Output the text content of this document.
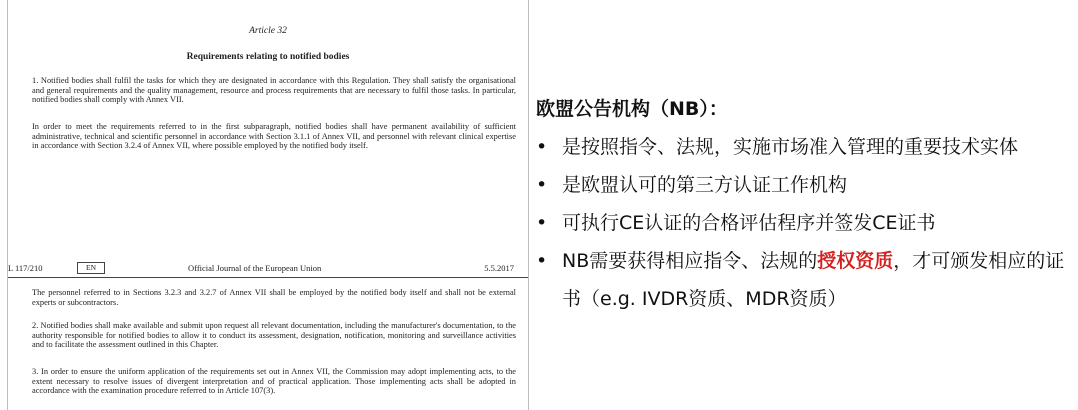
Article 32
Requirements relating to notified bodies

1. Notified bodies shall fulfil the tasks for which they are designated in accordance with this Regulation. They shall satisfy the organisational and general requirements and the quality management, resource and process requirements that are necessary to fulfil those tasks. In particular, notified bodies shall comply with Annex VII.

In order to meet the requirements referred to in the first subparagraph, notified bodies shall have permanent availability of sufficient administrative, technical and scientific personnel in accordance with Section 3.1.1 of Annex VII, and personnel with relevant clinical expertise in accordance with Section 3.2.4 of Annex VII, where possible employed by the notified body itself.

L 117/210	EN	Official Journal of the European Union	5.5.2017

The personnel referred to in Sections 3.2.3 and 3.2.7 of Annex VII shall be employed by the notified body itself and shall not be external experts or subcontractors.

2. Notified bodies shall make available and submit upon request all relevant documentation, including the manufacturer's documentation, to the authority responsible for notified bodies to allow it to conduct its assessment, designation, notification, monitoring and surveillance activities and to facilitate the assessment outlined in this Chapter.

3. In order to ensure the uniform application of the requirements set out in Annex VII, the Commission may adopt implementing acts, to the extent necessary to resolve issues of divergent interpretation and of practical application. Those implementing acts shall be adopted in accordance with the examination procedure referred to in Article 107(3).

欧盟公告机构（NB）：
• 是按照指令、法规，实施市场准入管理的重要技术实体
• 是欧盟认可的第三方认证工作机构
• 可执行CE认证的合格评估程序并签发CE证书
• NB需要获得相应指令、法规的授权资质，才可颁发相应的证书（e.g. IVDR资质、MDR资质）
